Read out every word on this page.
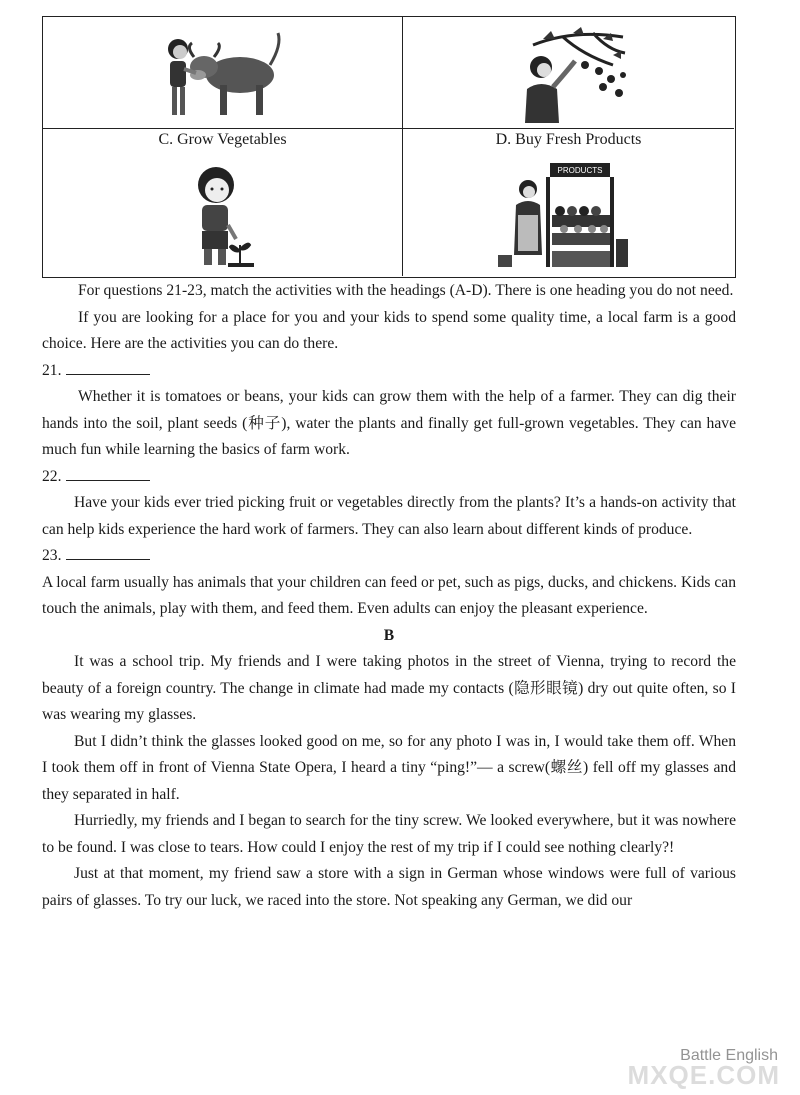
C. Grow Vegetables	D. Buy Fresh Products
PRODUCTS

For questions 21-23, match the activities with the headings (A-D). There is one heading you do not need.

If you are looking for a place for you and your kids to spend some quality time, a local farm is a good choice. Here are the activities you can do there.

21.

Whether it is tomatoes or beans, your kids can grow them with the help of a farmer. They can dig their hands into the soil, plant seeds (种子), water the plants and finally get full-grown vegetables. They can have much fun while learning the basics of farm work.

22.

Have your kids ever tried picking fruit or vegetables directly from the plants? It’s a hands-on activity that can help kids experience the hard work of farmers. They can also learn about different kinds of produce.

23.

A local farm usually has animals that your children can feed or pet, such as pigs, ducks, and chickens. Kids can touch the animals, play with them, and feed them. Even adults can enjoy the pleasant experience.

B

It was a school trip. My friends and I were taking photos in the street of Vienna, trying to record the beauty of a foreign country. The change in climate had made my contacts (隐形眼镜) dry out quite often, so I was wearing my glasses.

But I didn’t think the glasses looked good on me, so for any photo I was in, I would take them off. When I took them off in front of Vienna State Opera, I heard a tiny “ping!”— a screw(螺丝) fell off my glasses and they separated in half.

Hurriedly, my friends and I began to search for the tiny screw. We looked everywhere, but it was nowhere to be found. I was close to tears. How could I enjoy the rest of my trip if I could see nothing clearly?!

Just at that moment, my friend saw a store with a sign in German whose windows were full of various pairs of glasses. To try our luck, we raced into the store. Not speaking any German, we did our

Battle English
MXQE.COM
